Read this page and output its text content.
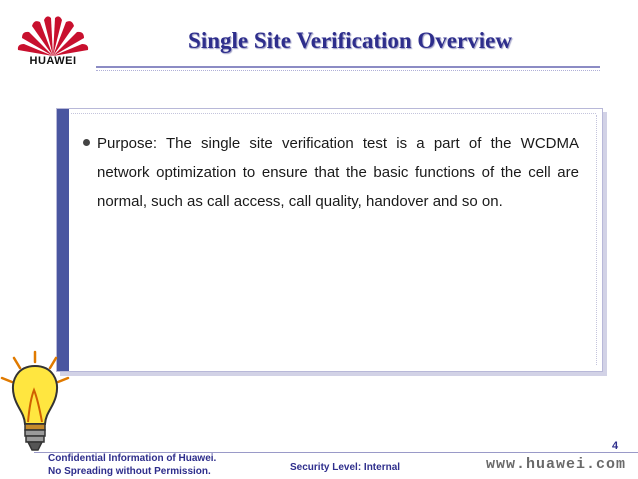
HUAWEI
Single Site Verification Overview
Purpose: The single site verification test is a part of the WCDMA network optimization to ensure that the basic functions of the cell are normal, such as call access, call quality, handover and so on.
4
Confidential Information of Huawei.
No Spreading without Permission.	Security Level: Internal	www.huawei.com
